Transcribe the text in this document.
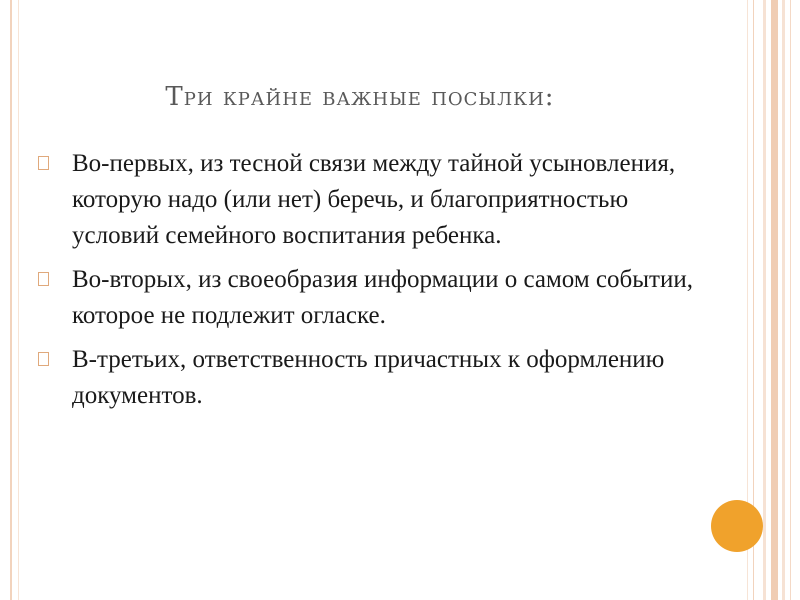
Три крайне важные посылки:
Во-первых, из тесной связи между тайной усыновления, которую надо (или нет) беречь, и благоприятностью условий семейного воспитания ребенка.
Во-вторых, из своеобразия информации о самом событии, которое не подлежит огласке.
В-третьих, ответственность причастных к оформлению документов.
